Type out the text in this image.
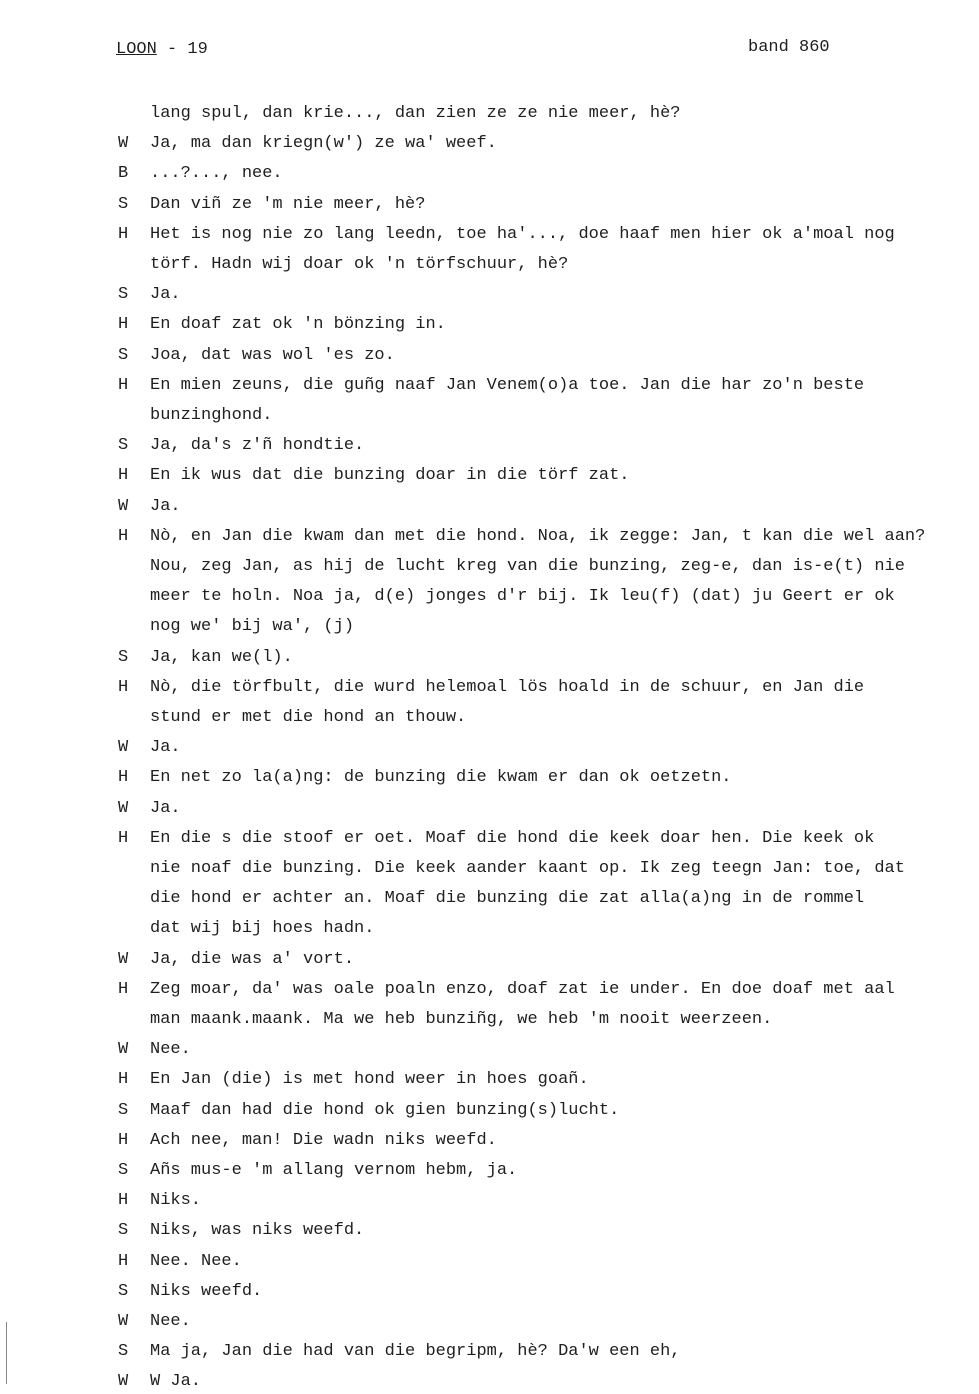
LOON - 19	band 860
lang spul, dan krie..., dan zien ze ze nie meer, hè?
W Ja, ma dan kriegn(w') ze wa' weef.
B ...?..., nee.
S Dan viñ ze 'm nie meer, hè?
H Het is nog nie zo lang leedn, toe ha'..., doe haaf men hier ok a'moal nog
törf. Hadn wij doar ok 'n törfschuur, hè?
S Ja.
H En doaf zat ok 'n bönzing in.
S Joa, dat was wol 'es zo.
H En mien zeuns, die guñg naaf Jan Venem(o)a toe. Jan die har zo'n beste
bunzinghond.
S Ja, da's z'ñ hondtie.
H En ik wus dat die bunzing doar in die törf zat.
W Ja.
H Nò, en Jan die kwam dan met die hond. Noa, ik zegge: Jan, t kan die wel aan?
Nou, zeg Jan, as hij de lucht kreg van die bunzing, zeg-e, dan is-e(t) nie
meer te holn. Noa ja, d(e) jonges d'r bij. Ik leu(f) (dat) ju Geert er ok
nog we' bij wa', (j)
S Ja, kan we(l).
H Nò, die törfbult, die wurd helemoal lös hoald in de schuur, en Jan die
stund er met die hond an thouw.
W Ja.
H En net zo la(a)ng: de bunzing die kwam er dan ok oetzetn.
W Ja.
H En die s die stoof er oet. Moaf die hond die keek doar hen. Die keek ok
nie noaf die bunzing. Die keek aander kaant op. Ik zeg teegn Jan: toe, dat
die hond er achter an. Moaf die bunzing die zat alla(a)ng in de rommel
dat wij bij hoes hadn.
W Ja, die was a' vort.
H Zeg moar, da' was oale poaln enzo, doaf zat ie under. En doe doaf met aal
man maank.maank. Ma we heb bunziñg, we heb 'm nooit weerzeen.
W Nee.
H En Jan (die) is met hond weer in hoes goañ.
S Maaf dan had die hond ok gien bunzing(s)lucht.
H Ach nee, man! Die wadn niks weefd.
S Añs mus-e 'm allang vernom hebm, ja.
H Niks.
S Niks, was niks weefd.
H Nee. Nee.
S Niks weefd.
W Nee.
S Ma ja, Jan die had van die begripm, hè? Da'w een eh,
W W Ja.
